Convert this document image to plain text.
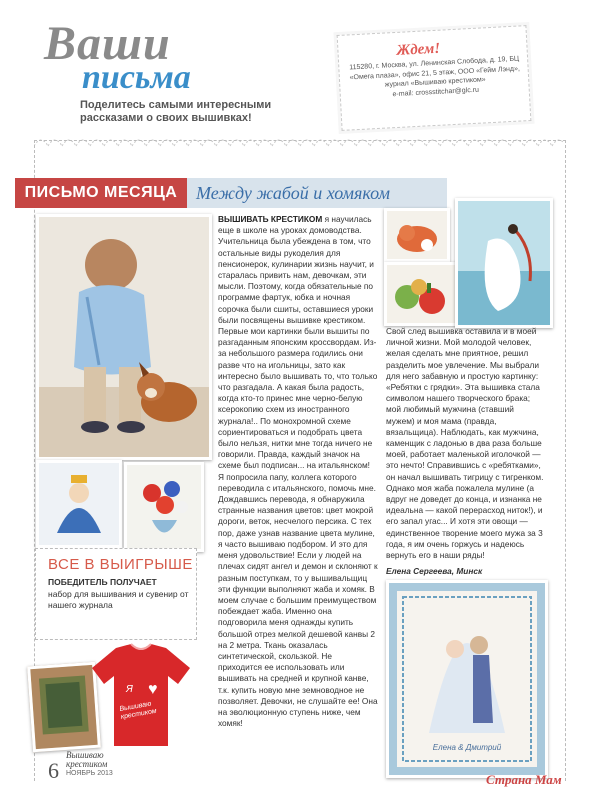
Ваши
письма
Поделитесь самыми интересными рассказами о своих вышивках!
Ждем!
115280, г. Москва, ул. Ленинская Слобода, д. 19, БЦ «Омега плаза», офис 21, 5 этаж, ООО «Гейм Лэнд», журнал «Вышиваю крестиком»
e-mail: crossstitchar@glc.ru
ПИСЬМО МЕСЯЦА	Между жабой и хомяком
ВЫШИВАТЬ КРЕСТИКОМ я научилась еще в школе на уроках домоводства. Учительница была убеждена в том, что остальные виды рукоделия для пенсионерок, кулинарии жизнь научит, и старалась привить нам, девочкам, эти мысли. Поэтому, когда обязательные по программе фартук, юбка и ночная сорочка были сшиты, оставшиеся уроки были посвящены вышивке крестиком. Первые мои картинки были вышиты по разгаданным японским кроссвордам. Из-за небольшого размера годились они разве что на игольницы, зато как интересно было вышивать то, что только что разгадала. А какая была радость, когда кто-то принес мне черно-белую ксерокопию схем из иностранного журнала!.. По монохромной схеме сориентироваться и подобрать цвета было нельзя, нитки мне тогда ничего не говорили. Правда, каждый значок на схеме был подписан... на итальянском! Я попросила папу, коллега которого переводила с итальянского, помочь мне. Дождавшись перевода, я обнаружила странные названия цветов: цвет мокрой дороги, веток, несчелого персика. С тех пор, даже узнав название цвета мулине, я часто вышиваю подбором. И это для меня удовольствие! Если у людей на плечах сидят ангел и демон и склоняют к разным поступкам, то у вышивальщиц эти функции выполняют жаба и хомяк. В моем случае с большим преимуществом побеждает жаба. Именно она подговорила меня однажды купить большой отрез мелкой дешевой канвы 2 на 2 метра. Ткань оказалась синтетической, скользкой. Не приходится ее использовать или вышивать на средней и крупной канве, т.к. купить новую мне земноводное не позволяет. Девочки, не слушайте ее! Она на эволюционную ступень ниже, чем хомяк!
Свой след вышивка оставила и в моей личной жизни. Мой молодой человек, желая сделать мне приятное, решил разделить мое увлечение. Мы выбрали для него забавную и простую картинку: «Ребятки с грядки». Эта вышивка стала символом нашего творческого брака; мой любимый мужчина (ставший мужем) и моя мама (правда, вязальщица). Наблюдать, как мужчина, каменщик с ладонью в два раза больше моей, работает маленькой иголочкой — это нечто! Справившись с «ребятками», он начал вышивать тигрицу с тигренком. Однако моя жаба пожалела мулине (а вдруг не доведет до конца, и изнанка не идеальна — какой перерасход ниток!), и его запал угас... И хотя эти овощи — единственное творение моего мужа за 3 года, я им очень горжусь и надеюсь вернуть его в наши ряды!
Елена Сергеева, Минск
ВСЕ В ВЫИГРЫШЕ
ПОБЕДИТЕЛЬ ПОЛУЧАЕТ
набор для вышивания и сувенир от нашего журнала
Я
Вышиваю крестиком
♥
Елена & Дмитрий
6
Вышиваю крестиком
НОЯБРЬ 2013	Страна Мам
